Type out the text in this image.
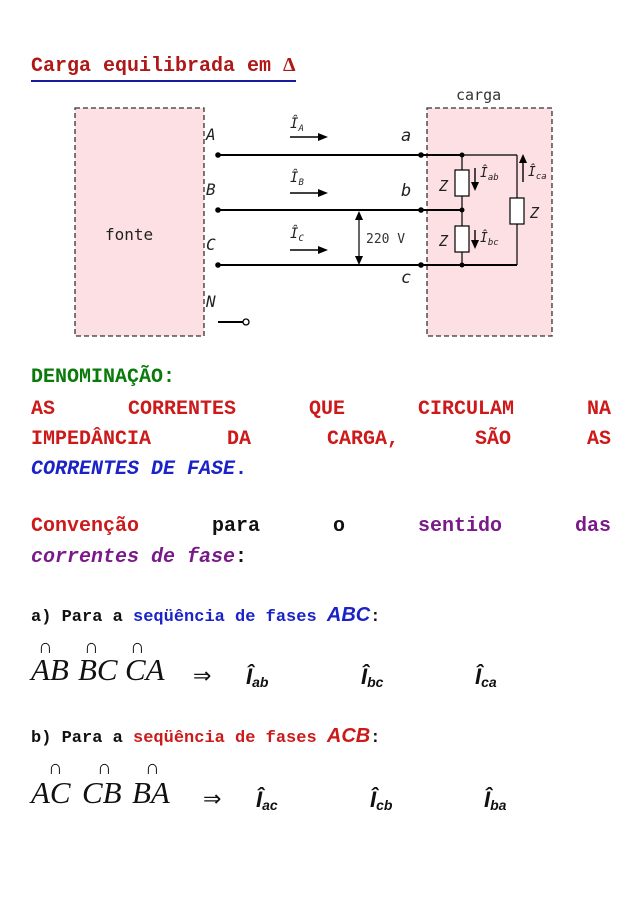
Carga equilibrada em Δ
fonte
carga
A
B
C
N
a
b
c
$Î_A$
$Î_B$
$Î_C$	220 V
Z
Z
Z
$Î_{ab}$
$Î_{bc}$
$Î_{ca}$
DENOMINAÇÃO:
AS	CORRENTES	QUE	CIRCULAM	NA
IMPEDÂNCIA	DA	CARGA,	SÃO	AS
CORRENTES DE FASE.
Convenção	para	o	sentido	das
correntes de fase:
a) Para a seqüência de fases ABC:
∩ ∩ ∩
AB BC CA ⇒ $Î_{ab}$	$Î_{bc}$	$Î_{ca}$
b) Para a seqüência de fases ACB:
∩ ∩ ∩
AC CB BA ⇒ $Î_{ac}$	$Î_{cb}$	$Î_{ba}$
